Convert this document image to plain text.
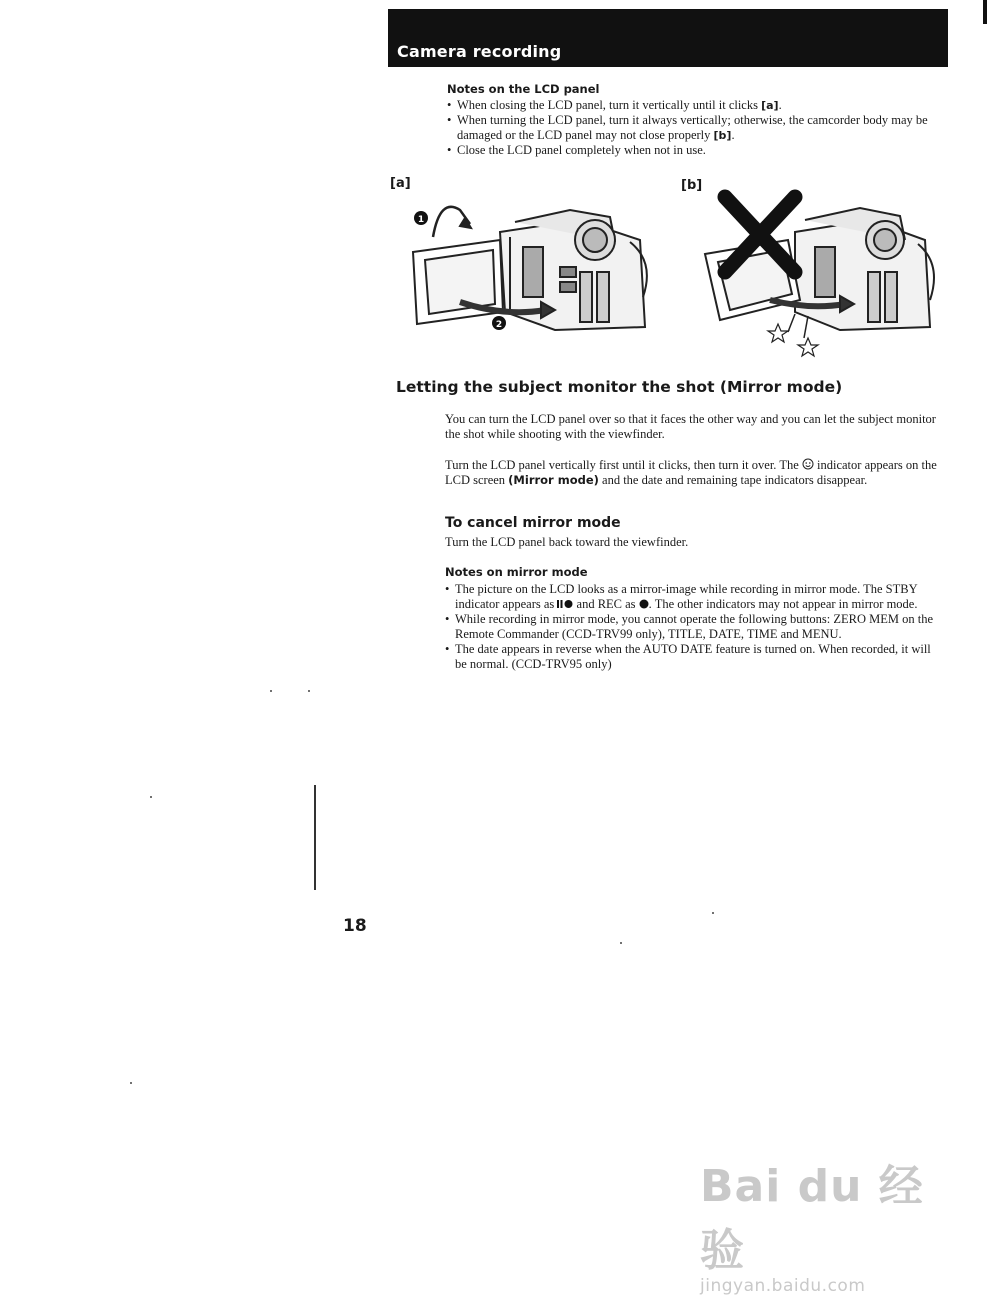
Camera recording
Notes on the LCD panel
• When closing the LCD panel, turn it vertically until it clicks [a].
• When turning the LCD panel, turn it always vertically; otherwise, the camcorder body may be damaged or the LCD panel may not close properly [b].
• Close the LCD panel completely when not in use.
[a]
1
2
[b]
Letting the subject monitor the shot (Mirror mode)
You can turn the LCD panel over so that it faces the other way and you can let the subject monitor the shot while shooting with the viewfinder.
Turn the LCD panel vertically first until it clicks, then turn it over. The  indicator appears on the LCD screen (Mirror mode) and the date and remaining tape indicators disappear.
To cancel mirror mode
Turn the LCD panel back toward the viewfinder.
Notes on mirror mode
• The picture on the LCD looks as a mirror-image while recording in mirror mode. The STBY indicator appears as  and REC as . The other indicators may not appear in mirror mode.
• While recording in mirror mode, you cannot operate the following buttons: ZERO MEM on the Remote Commander (CCD-TRV99 only), TITLE, DATE, TIME and MENU.
• The date appears in reverse when the AUTO DATE feature is turned on. When recorded, it will be normal. (CCD-TRV95 only)
18
Bai du 经验
jingyan.baidu.com
